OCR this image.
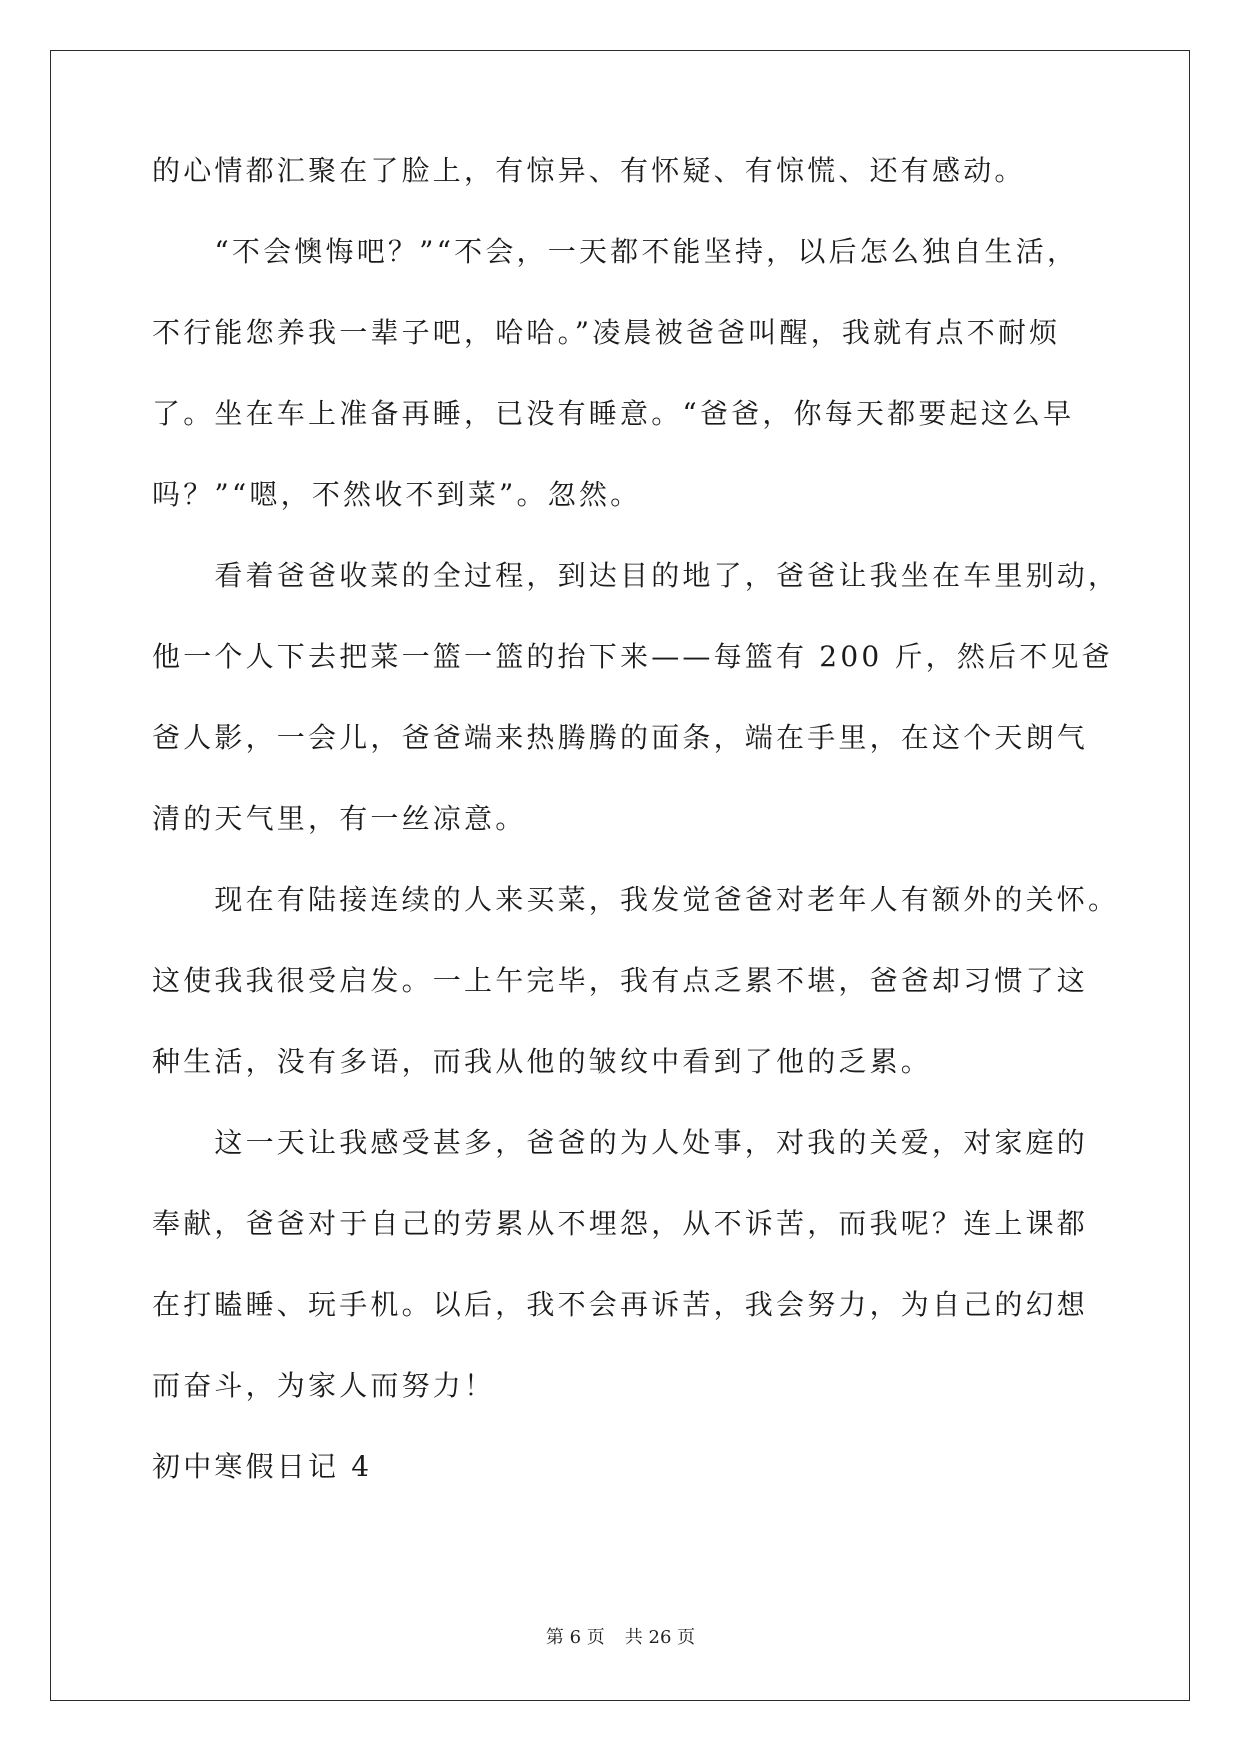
的心情都汇聚在了脸上，有惊异、有怀疑、有惊慌、还有感动。
　　“不会懊悔吧？”“不会，一天都不能坚持，以后怎么独自生活，
不行能您养我一辈子吧，哈哈。”凌晨被爸爸叫醒，我就有点不耐烦
了。坐在车上准备再睡，已没有睡意。“爸爸，你每天都要起这么早
吗？”“嗯，不然收不到菜”。忽然。
　　看着爸爸收菜的全过程，到达目的地了，爸爸让我坐在车里别动，
他一个人下去把菜一篮一篮的抬下来——每篮有 200 斤，然后不见爸
爸人影，一会儿，爸爸端来热腾腾的面条，端在手里，在这个天朗气
清的天气里，有一丝凉意。
　　现在有陆接连续的人来买菜，我发觉爸爸对老年人有额外的关怀。
这使我我很受启发。一上午完毕，我有点乏累不堪，爸爸却习惯了这
种生活，没有多语，而我从他的皱纹中看到了他的乏累。
　　这一天让我感受甚多，爸爸的为人处事，对我的关爱，对家庭的
奉献，爸爸对于自己的劳累从不埋怨，从不诉苦，而我呢？连上课都
在打瞌睡、玩手机。以后，我不会再诉苦，我会努力，为自己的幻想
而奋斗，为家人而努力！
初中寒假日记 4
第 6 页 共 26 页
